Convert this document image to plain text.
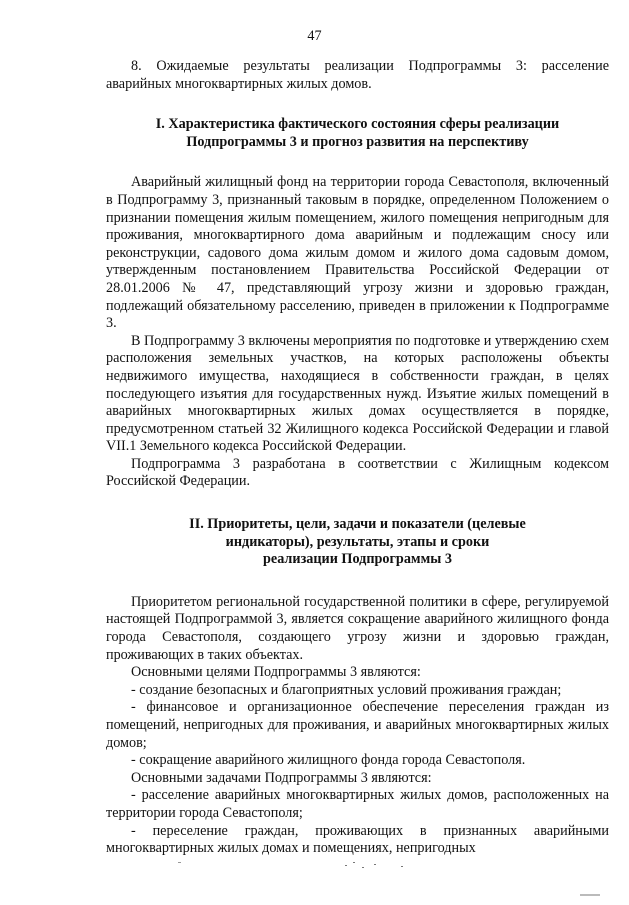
47

8. Ожидаемые результаты реализации Подпрограммы 3: расселение аварийных многоквартирных жилых домов.

I. Характеристика фактического состояния сферы реализации Подпрограммы 3 и прогноз развития на перспективу

Аварийный жилищный фонд на территории города Севастополя, включенный в Подпрограмму 3, признанный таковым в порядке, определенном Положением о признании помещения жилым помещением, жилого помещения непригодным для проживания, многоквартирного дома аварийным и подлежащим сносу или реконструкции, садового дома жилым домом и жилого дома садовым домом, утвержденным постановлением Правительства Российской Федерации от 28.01.2006 № 47, представляющий угрозу жизни и здоровью граждан, подлежащий обязательному расселению, приведен в приложении к Подпрограмме 3.

В Подпрограмму 3 включены мероприятия по подготовке и утверждению схем расположения земельных участков, на которых расположены объекты недвижимого имущества, находящиеся в собственности граждан, в целях последующего изъятия для государственных нужд. Изъятие жилых помещений в аварийных многоквартирных жилых домах осуществляется в порядке, предусмотренном статьей 32 Жилищного кодекса Российской Федерации и главой VII.1 Земельного кодекса Российской Федерации.

Подпрограмма 3 разработана в соответствии с Жилищным кодексом Российской Федерации.

II. Приоритеты, цели, задачи и показатели (целевые
индикаторы), результаты, этапы и сроки
реализации Подпрограммы 3

Приоритетом региональной государственной политики в сфере, регулируемой настоящей Подпрограммой 3, является сокращение аварийного жилищного фонда города Севастополя, создающего угрозу жизни и здоровью граждан, проживающих в таких объектах.

Основными целями Подпрограммы 3 являются:

- создание безопасных и благоприятных условий проживания граждан;

- финансовое и организационное обеспечение переселения граждан из помещений, непригодных для проживания, и аварийных многоквартирных жилых домов;

- сокращение аварийного жилищного фонда города Севастополя.

Основными задачами Подпрограммы 3 являются:

- расселение аварийных многоквартирных жилых домов, расположенных на территории города Севастополя;

- переселение граждан, проживающих в признанных аварийными многоквартирных жилых домах и помещениях, непригодных
